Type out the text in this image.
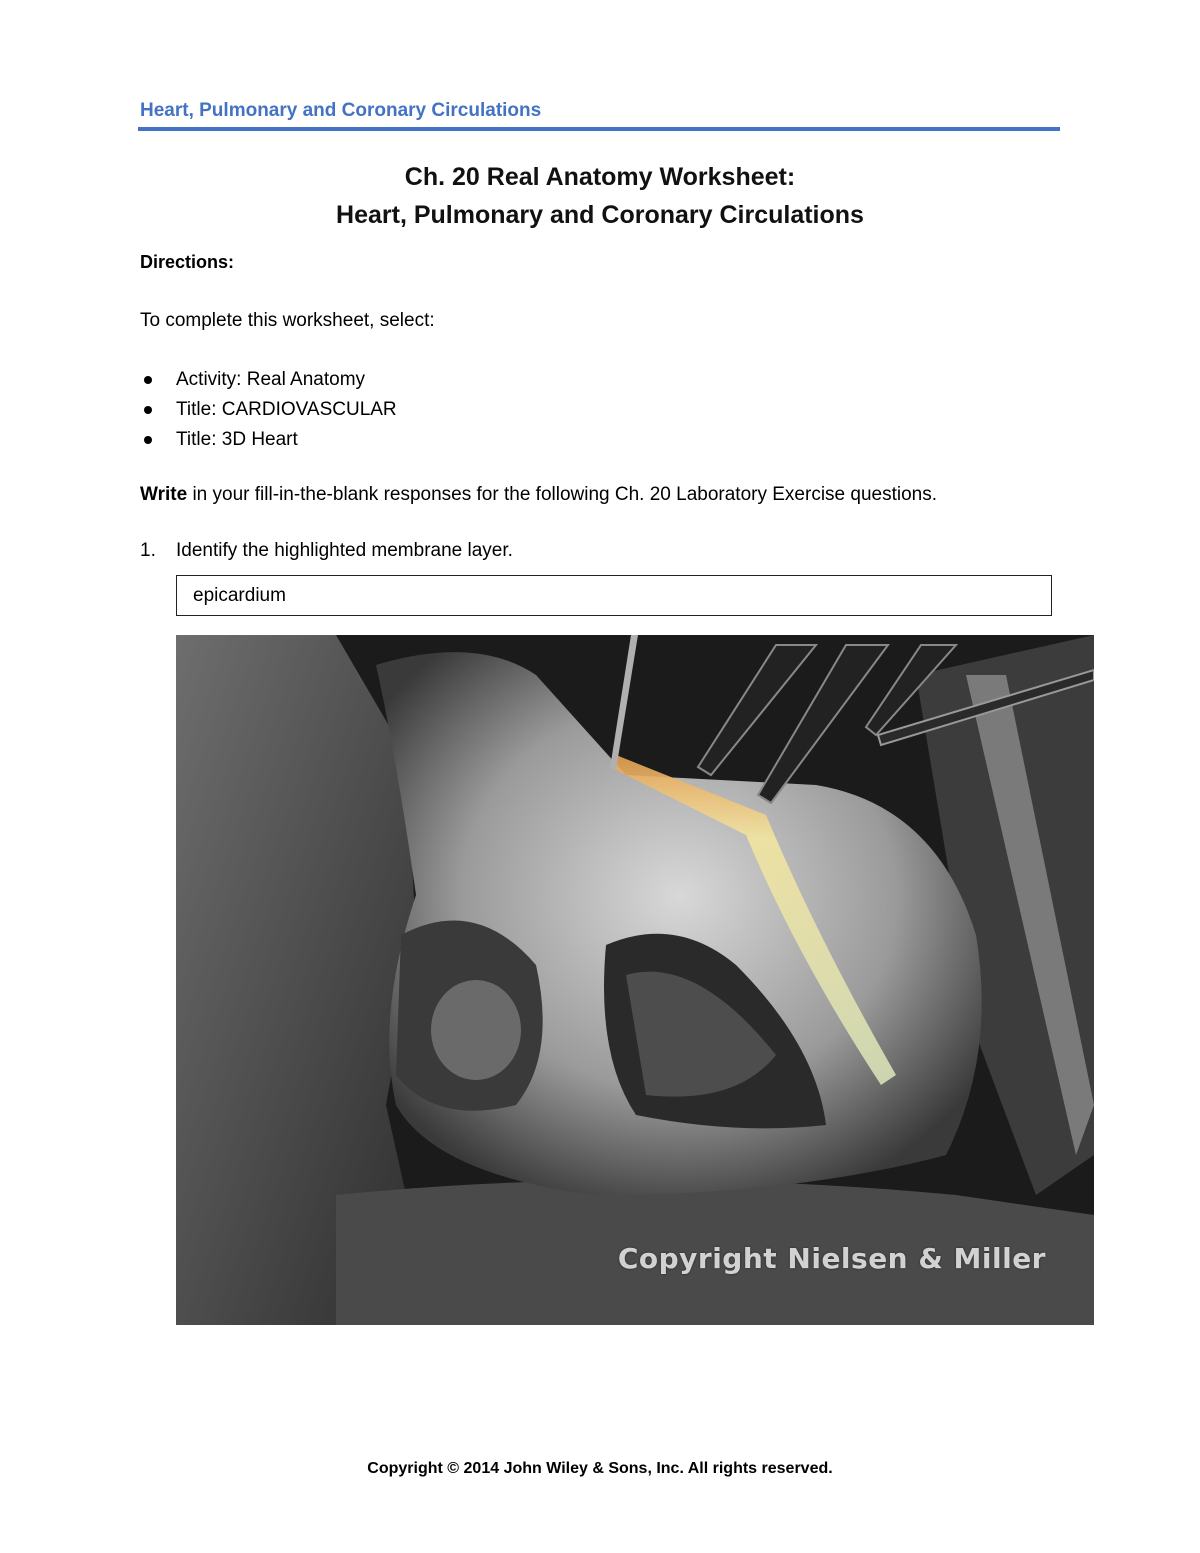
Heart, Pulmonary and Coronary Circulations
Ch. 20 Real Anatomy Worksheet:
Heart, Pulmonary and Coronary Circulations
Directions:
To complete this worksheet, select:
Activity: Real Anatomy
Title: CARDIOVASCULAR
Title: 3D Heart
Write in your fill-in-the-blank responses for the following Ch. 20 Laboratory Exercise questions.
1. Identify the highlighted membrane layer.
epicardium
Copyright Nielsen & Miller
Copyright © 2014 John Wiley & Sons, Inc. All rights reserved.
